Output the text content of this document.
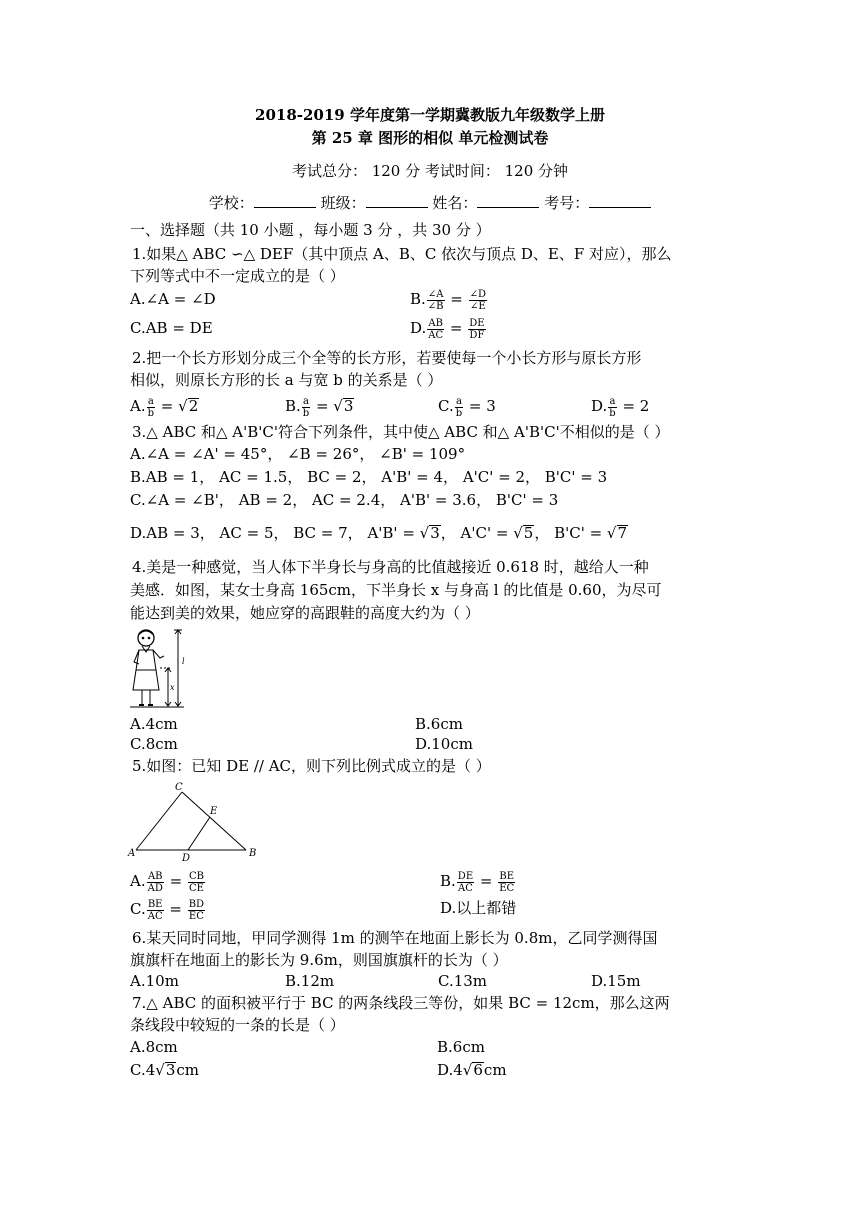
2018-2019 学年度第一学期冀教版九年级数学上册
第 25 章 图形的相似 单元检测试卷
考试总分： 120 分 考试时间： 120 分钟
学校：	班级：	姓名：	考号：
一、选择题（共 10 小题 ，每小题 3 分 ，共 30 分 ）
1.如果△ ABC ∽△ DEF（其中顶点 A、B、C 依次与顶点 D、E、F 对应），那么
下列等式中不一定成立的是（ ）
A.∠A = ∠D	B. $\frac{\angle A}{\angle B} = \frac{\angle D}{\angle E}$
C.AB = DE	D. $\frac{AB}{AC} = \frac{DE}{DF}$
2.把一个长方形划分成三个全等的长方形，若要使每一个小长方形与原长方形
相似，则原长方形的长 a 与宽 b 的关系是（ ）
A. $\frac{a}{b} = √2$	B. $\frac{a}{b} = √3$	C. $\frac{a}{b} = 3$	D. $\frac{a}{b} = 2$
3.△ ABC 和△ A'B'C'符合下列条件，其中使△ ABC 和△ A'B'C'不相似的是（ ）
A.∠A = ∠A' = 45°， ∠B = 26°， ∠B' = 109°
B.AB = 1， AC = 1.5， BC = 2， A'B' = 4， A'C' = 2， B'C' = 3
C.∠A = ∠B'， AB = 2， AC = 2.4， A'B' = 3.6， B'C' = 3
D.AB = 3， AC = 5， BC = 7， A'B' = √3， A'C' = √5， B'C' = √7
4.美是一种感觉，当人体下半身长与身高的比值越接近 0.618 时，越给人一种
美感．如图，某女士身高 165cm，下半身长 x 与身高 l 的比值是 0.60，为尽可
能达到美的效果，她应穿的高跟鞋的高度大约为（ ）
l
x
A.4cm	B.6cm
C.8cm	D.10cm
5.如图：已知 DE // AC，则下列比例式成立的是（ ）
A	B
C
D
E
A. $\frac{AB}{AD} = \frac{CB}{CE}$	B. $\frac{DE}{AC} = \frac{BE}{EC}$
C. $\frac{BE}{AC} = \frac{BD}{EC}$	D.以上都错
6.某天同时同地，甲同学测得 1m 的测竿在地面上影长为 0.8m，乙同学测得国
旗旗杆在地面上的影长为 9.6m，则国旗旗杆的长为（ ）
A.10m	B.12m	C.13m	D.15m
7.△ ABC 的面积被平行于 BC 的两条线段三等份，如果 BC = 12cm，那么这两
条线段中较短的一条的长是（ ）
A.8cm	B.6cm
C.4√3cm	D.4√6cm
